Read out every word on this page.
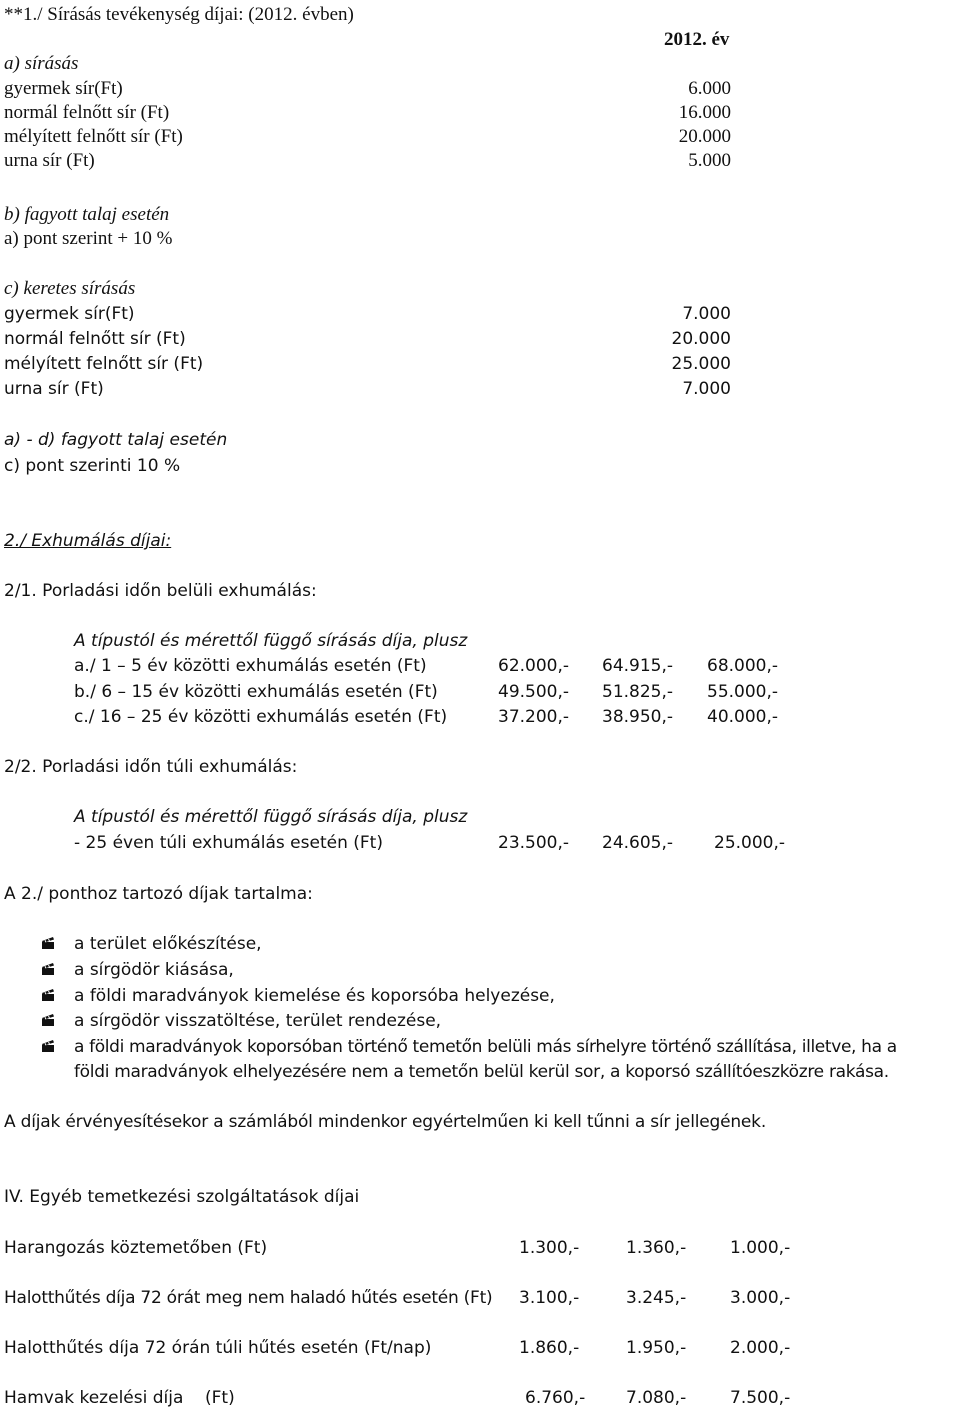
**1./ Sírásás tevékenység díjai: (2012. évben)
2012. év
a) sírásás
gyermek sír(Ft)	6.000
normál felnőtt sír (Ft)	16.000
mélyített felnőtt sír (Ft)	20.000
urna sír (Ft)	5.000
b) fagyott talaj esetén
a) pont szerint + 10 %
c) keretes sírásás
gyermek sír(Ft)	7.000
normál felnőtt sír (Ft)	20.000
mélyített felnőtt sír (Ft)	25.000
urna sír (Ft)	7.000
a) - d) fagyott talaj esetén
c) pont szerinti 10 %
2./ Exhumálás díjai:
2/1. Porladási időn belüli exhumálás:
A típustól és mérettől függő sírásás díja, plusz
a./ 1 – 5 év közötti exhumálás esetén (Ft)	62.000,- 64.915,- 68.000,-
b./ 6 – 15 év közötti exhumálás esetén (Ft)	49.500,- 51.825,- 55.000,-
c./ 16 – 25 év közötti exhumálás esetén (Ft)	37.200,- 38.950,- 40.000,-
2/2. Porladási időn túli exhumálás:
A típustól és mérettől függő sírásás díja, plusz
- 25 éven túli exhumálás esetén (Ft)	23.500,- 24.605,- 25.000,-
A 2./ ponthoz tartozó díjak tartalma:
a terület előkészítése,
a sírgödör kiásása,
a földi maradványok kiemelése és koporsóba helyezése,
a sírgödör visszatöltése, terület rendezése,
a földi maradványok koporsóban történő temetőn belüli más sírhelyre történő szállítása, illetve, ha a
földi maradványok elhelyezésére nem a temetőn belül kerül sor, a koporsó szállítóeszközre rakása.
A díjak érvényesítésekor a számlából mindenkor egyértelműen ki kell tűnni a sír jellegének.
IV. Egyéb temetkezési szolgáltatások díjai
Harangozás köztemetőben (Ft)	1.300,-	1.360,-	1.000,-
Halotthűtés díja 72 órát meg nem haladó hűtés esetén (Ft) 3.100,-	3.245,-	3.000,-
Halotthűtés díja 72 órán túli hűtés esetén (Ft/nap)	1.860,-	1.950,-	2.000,-
Hamvak kezelési díja    (Ft)	6.760,- 7.080,-	7.500,-
